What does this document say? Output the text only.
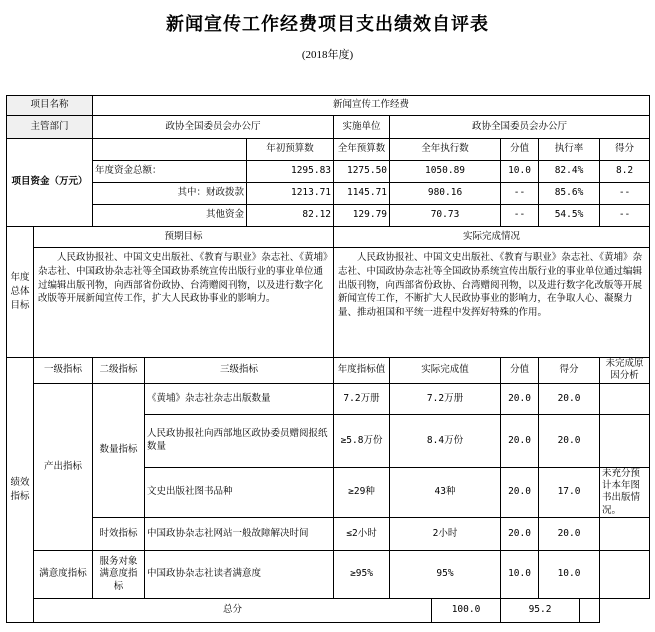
新闻宣传工作经费项目支出绩效自评表
(2018年度)
项目名称		新闻宣传工作经费									
主管部门		政协全国委员会办公厅			实施单位	政协全国委员会办公厅					
项目资金（万元）				年初预算数	全年预算数	全年执行数		分值	执行率		得分
		年度资金总额：		1295.83	1275.50	1050.89		10.0	82.4%		8.2
		其中：财政拨款		1213.71	1145.71	980.16		--	85.6%		--
		其他资金		82.12	129.79	70.73		--	54.5%		--
年度总体目标	预期目标				实际完成情况						
	人民政协报社、中国文史出版社、《教育与职业》杂志社、《黄埔》杂志社、中国政协杂志社等全国政协系统宣传出版行业的事业单位通过编辑出版刊物，向西部省份政协、台湾赠阅刊物，以及进行数字化改版等开展新闻宣传工作，扩大人民政协事业的影响力。				人民政协报社、中国文史出版社、《教育与职业》杂志社、《黄埔》杂志社、中国政协杂志社等全国政协系统宣传出版行业的事业单位通过编辑出版刊物，向西部省份政协、台湾赠阅刊物，以及进行数字化改版等开展新闻宣传工作，不断扩大人民政协事业的影响力，在争取人心、凝聚力量、推动祖国和平统一进程中发挥好特殊的作用。						
绩效指标	一级指标	二级指标	三级指标		年度指标值	实际完成值		分值	得分		未完成原因分析
	产出指标	数量指标	《黄埔》杂志社杂志出版数量		7.2万册	7.2万册		20.0	20.0		
			人民政协报社向西部地区政协委员赠阅报纸数量		≥5.8万份	8.4万份		20.0	20.0		
			文史出版社图书品种		≥29种	43种		20.0	17.0		未充分预计本年图书出版情况。
		时效指标	中国政协杂志社网站一般故障解决时间		≤2小时	2小时		20.0	20.0		
	满意度指标	服务对象满意度指标	中国政协杂志社读者满意度		≥95%	95%		10.0	10.0		
	总分						100.0	95.2			
